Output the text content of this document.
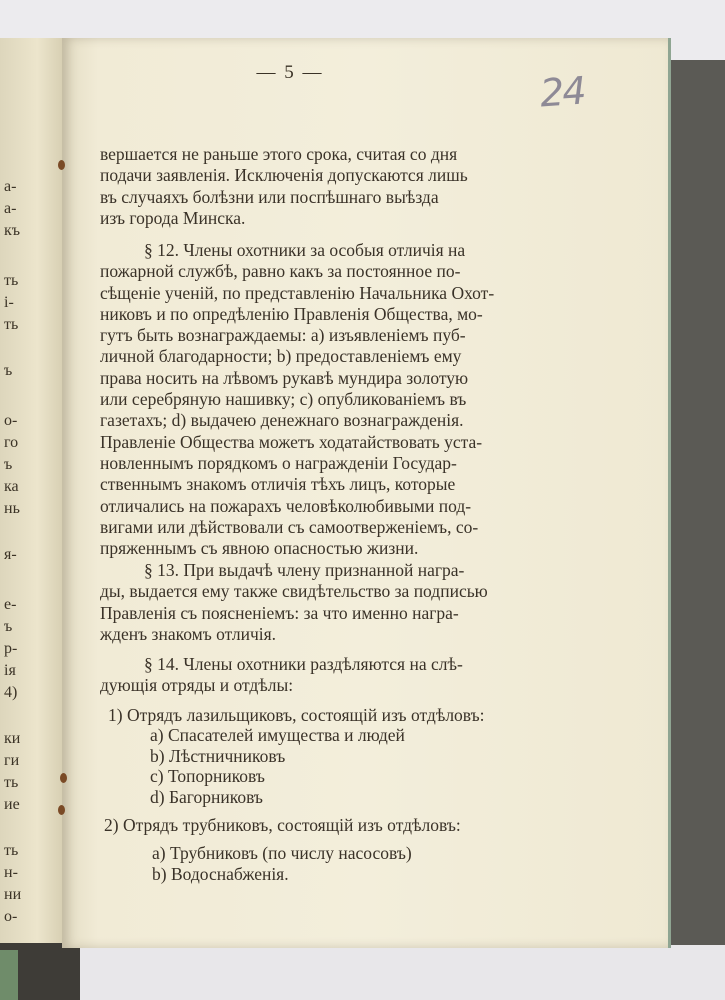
а-
а-
къ
ть
і-
ть
ъ
о-
го
ъ
ка
нь
я-
е-
ъ
р-
ія
4)
ки
ги
ть
ие
ть
н-
ни
о-
— 5 —	24

вершается не раньше этого срока, считая со дня

подачи заявленія. Исключенія допускаются лишь

въ случаяхъ болѣзни или поспѣшнаго выѣзда

изъ города Минска.

§ 12. Члены охотники за особыя отличія на

пожарной службѣ, равно какъ за постоянное по-

сѣщеніе ученій, по представленію Начальника Охот-

никовъ и по опредѣленію Правленія Общества, мо-

гутъ быть вознаграждаемы: а) изъявленіемъ пуб-

личной благодарности; b) предоставленіемъ ему

права носить на лѣвомъ рукавѣ мундира золотую

или серебряную нашивку; с) опубликованіемъ въ

газетахъ; d) выдачею денежнаго вознагражденія.

Правленіе Общества можетъ ходатайствовать уста-

новленнымъ порядкомъ о награжденіи Государ-

ственнымъ знакомъ отличія тѣхъ лицъ, которые

отличались на пожарахъ человѣколюбивыми под-

вигами или дѣйствовали съ самоотверженіемъ, со-

пряженнымъ съ явною опасностью жизни.

§ 13. При выдачѣ члену признанной награ-

ды, выдается ему также свидѣтельство за подписью

Правленія съ поясненіемъ: за что именно награ-

жденъ знакомъ отличія.

§ 14. Члены охотники раздѣляются на слѣ-

дующія отряды и отдѣлы:

1) Отрядъ лазильщиковъ, состоящій изъ отдѣловъ:
а) Спасателей имущества и людей
b) Лѣстничниковъ
с) Топорниковъ
d) Багорниковъ
2) Отрядъ трубниковъ, состоящій изъ отдѣловъ:
а) Трубниковъ (по числу насосовъ)
b) Водоснабженія.
